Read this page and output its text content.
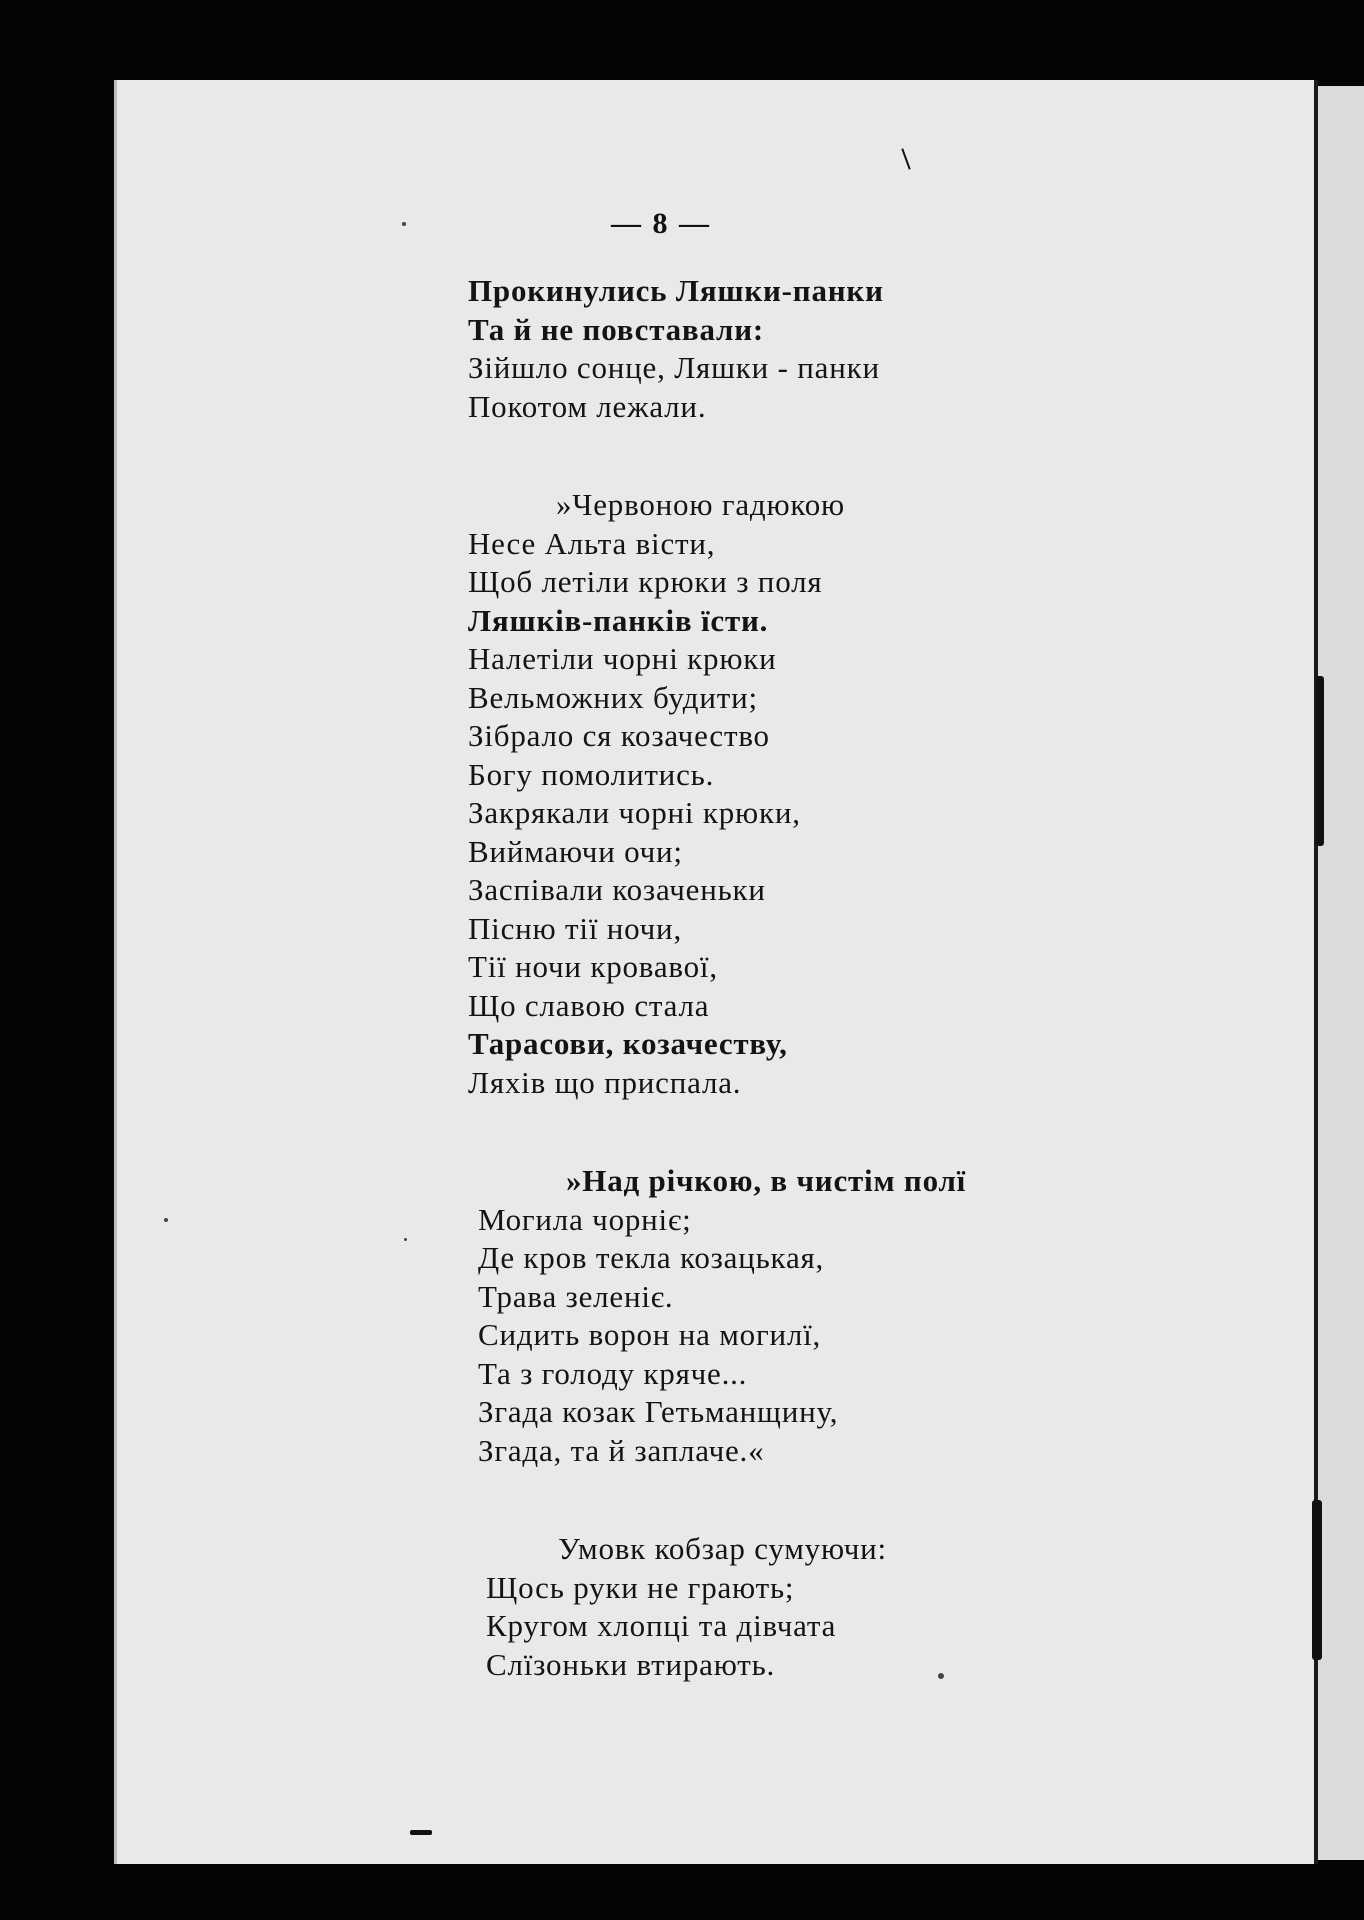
— 8 —
Прокинулись Ляшки-панки
Та й не повставали:
Зійшло сонце, Ляшки - панки
Покотом лежали.
»Червоною гадюкою
Несе Альта вісти,
Щоб летіли крюки з поля
Ляшків-панків їсти.
Налетіли чорні крюки
Вельможних будити;
Зібрало ся козачество
Богу помолитись.
Закрякали чорні крюки,
Виймаючи очи;
Заспівали козаченьки
Пісню тії ночи,
Тії ночи кровавої,
Що славою стала
Тарасови, козачеству,
Ляхів що приспала.
»Над річкою, в чистім полї
Могила чорніє;
Де кров текла козацькая,
Трава зеленіє.
Сидить ворон на могилї,
Та з голоду кряче...
Згада козак Гетьманщину,
Згада, та й заплаче.«
Умовк кобзар сумуючи:
Щось руки не грають;
Кругом хлопці та дівчата
Слїзоньки втирають.
